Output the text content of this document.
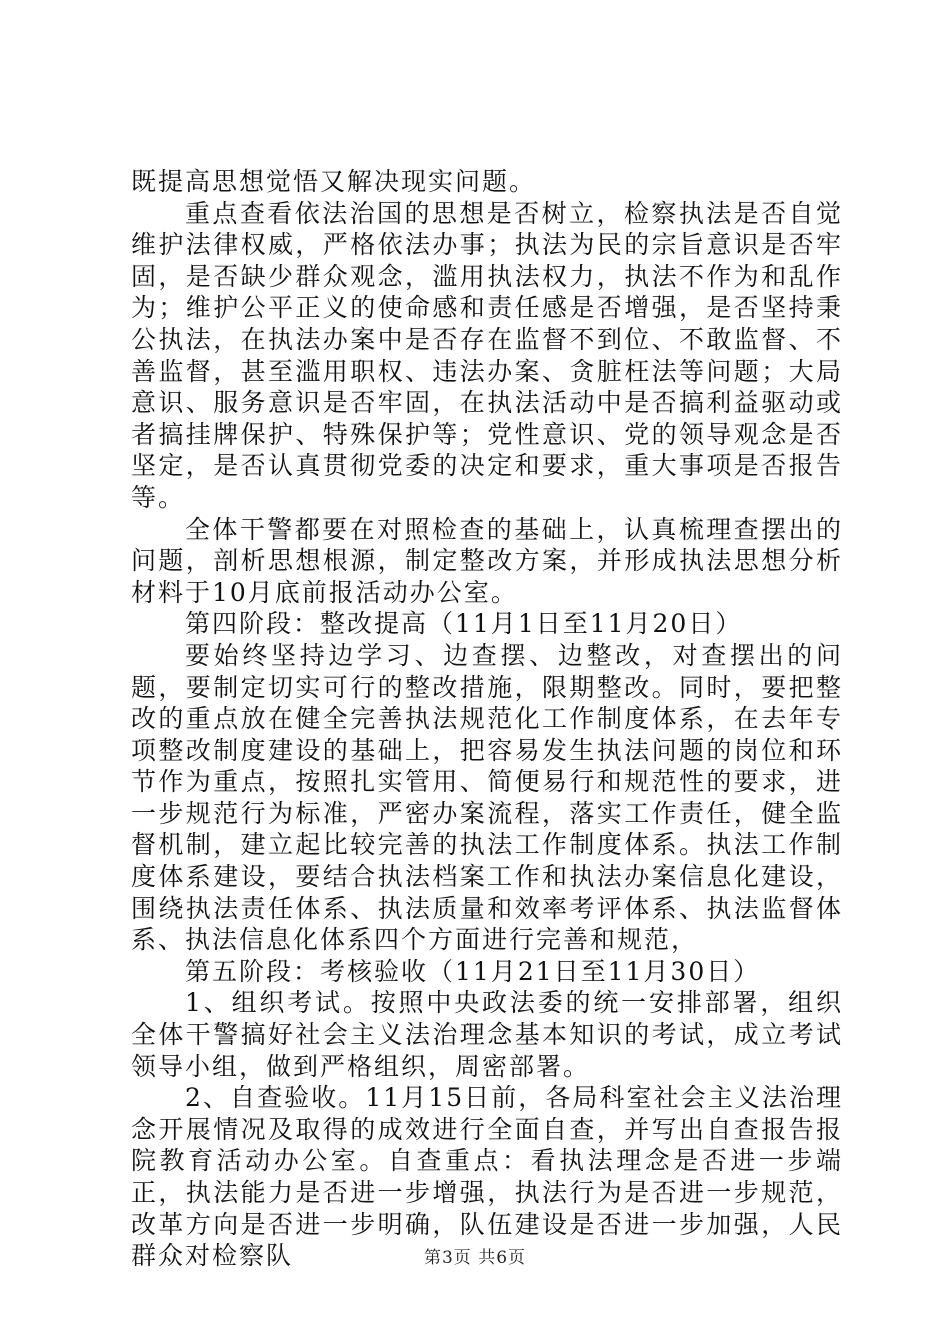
既提高思想觉悟又解决现实问题。

重点查看依法治国的思想是否树立，检察执法是否自觉维护法律权威，严格依法办事；执法为民的宗旨意识是否牢固，是否缺少群众观念，滥用执法权力，执法不作为和乱作为；维护公平正义的使命感和责任感是否增强，是否坚持秉公执法，在执法办案中是否存在监督不到位、不敢监督、不善监督，甚至滥用职权、违法办案、贪脏枉法等问题；大局意识、服务意识是否牢固，在执法活动中是否搞利益驱动或者搞挂牌保护、特殊保护等；党性意识、党的领导观念是否坚定，是否认真贯彻党委的决定和要求，重大事项是否报告等。

全体干警都要在对照检查的基础上，认真梳理查摆出的问题，剖析思想根源，制定整改方案，并形成执法思想分析材料于10月底前报活动办公室。

第四阶段：整改提高（11月1日至11月20日）

要始终坚持边学习、边查摆、边整改，对查摆出的问题，要制定切实可行的整改措施，限期整改。同时，要把整改的重点放在健全完善执法规范化工作制度体系，在去年专项整改制度建设的基础上，把容易发生执法问题的岗位和环节作为重点，按照扎实管用、简便易行和规范性的要求，进一步规范行为标准，严密办案流程，落实工作责任，健全监督机制，建立起比较完善的执法工作制度体系。执法工作制度体系建设，要结合执法档案工作和执法办案信息化建设，围绕执法责任体系、执法质量和效率考评体系、执法监督体系、执法信息化体系四个方面进行完善和规范，

第五阶段：考核验收（11月21日至11月30日）

1、组织考试。按照中央政法委的统一安排部署，组织全体干警搞好社会主义法治理念基本知识的考试，成立考试领导小组，做到严格组织，周密部署。

2、自查验收。11月15日前，各局科室社会主义法治理念开展情况及取得的成效进行全面自查，并写出自查报告报院教育活动办公室。自查重点：看执法理念是否进一步端正，执法能力是否进一步增强，执法行为是否进一步规范，改革方向是否进一步明确，队伍建设是否进一步加强，人民群众对检察队	第3页 共6页
